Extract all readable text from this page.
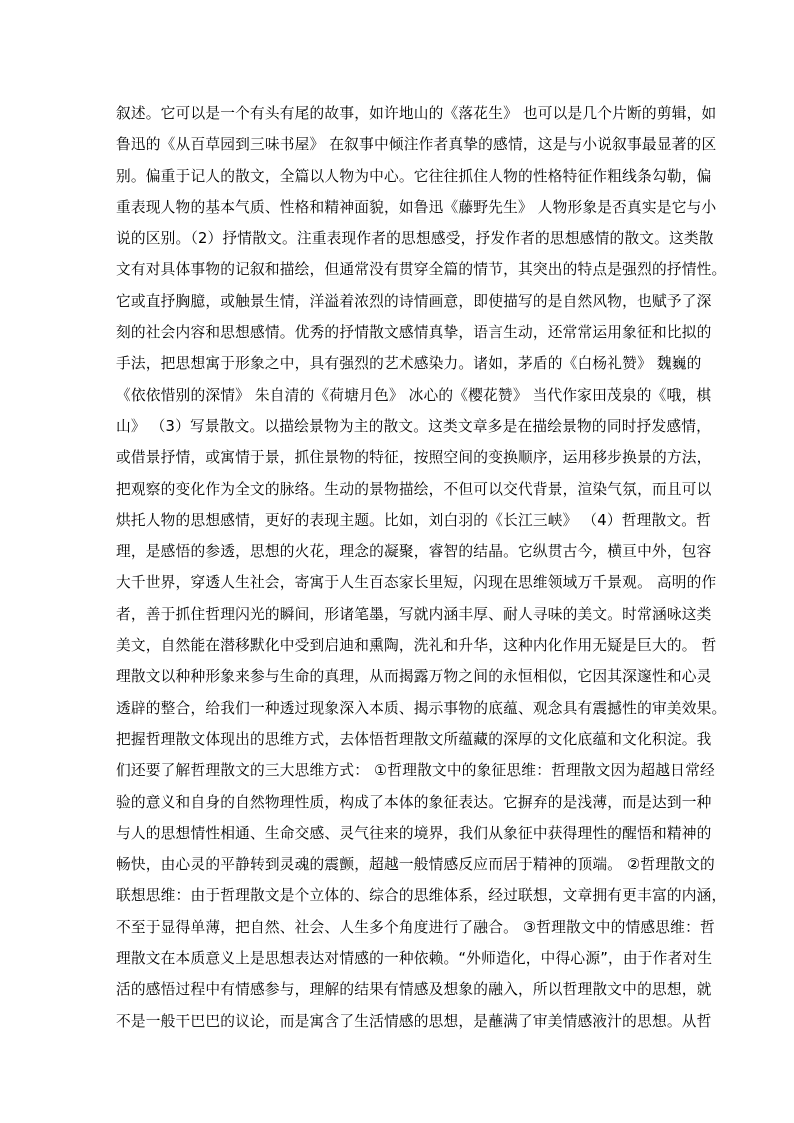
叙述。它可以是一个有头有尾的故事，如许地山的《落花生》 也可以是几个片断的剪辑，如
鲁迅的《从百草园到三味书屋》 在叙事中倾注作者真挚的感情，这是与小说叙事最显著的区
别。偏重于记人的散文，全篇以人物为中心。它往往抓住人物的性格特征作粗线条勾勒，偏
重表现人物的基本气质、性格和精神面貌，如鲁迅《藤野先生》 人物形象是否真实是它与小
说的区别。（2）抒情散文。注重表现作者的思想感受，抒发作者的思想感情的散文。这类散
文有对具体事物的记叙和描绘，但通常没有贯穿全篇的情节，其突出的特点是强烈的抒情性。
它或直抒胸臆，或触景生情，洋溢着浓烈的诗情画意，即使描写的是自然风物，也赋予了深
刻的社会内容和思想感情。优秀的抒情散文感情真挚，语言生动，还常常运用象征和比拟的
手法，把思想寓于形象之中，具有强烈的艺术感染力。诸如，茅盾的《白杨礼赞》 魏巍的
《依依惜别的深情》 朱自清的《荷塘月色》 冰心的《樱花赞》 当代作家田茂泉的《哦，棋
山》 （3）写景散文。以描绘景物为主的散文。这类文章多是在描绘景物的同时抒发感情，
或借景抒情，或寓情于景，抓住景物的特征，按照空间的变换顺序，运用移步换景的方法，
把观察的变化作为全文的脉络。生动的景物描绘，不但可以交代背景，渲染气氛，而且可以
烘托人物的思想感情，更好的表现主题。比如，刘白羽的《长江三峡》 （4）哲理散文。哲
理，是感悟的参透，思想的火花，理念的凝聚，睿智的结晶。它纵贯古今，横亘中外，包容
大千世界，穿透人生社会，寄寓于人生百态家长里短，闪现在思维领域万千景观。 高明的作
者，善于抓住哲理闪光的瞬间，形诸笔墨，写就内涵丰厚、耐人寻味的美文。时常涵咏这类
美文，自然能在潜移默化中受到启迪和熏陶，洗礼和升华，这种内化作用无疑是巨大的。 哲
理散文以种种形象来参与生命的真理，从而揭露万物之间的永恒相似，它因其深邃性和心灵
透辟的整合，给我们一种透过现象深入本质、揭示事物的底蕴、观念具有震撼性的审美效果。
把握哲理散文体现出的思维方式，去体悟哲理散文所蕴藏的深厚的文化底蕴和文化积淀。我
们还要了解哲理散文的三大思维方式： ①哲理散文中的象征思维：哲理散文因为超越日常经
验的意义和自身的自然物理性质，构成了本体的象征表达。它摒弃的是浅薄，而是达到一种
与人的思想情性相通、生命交感、灵气往来的境界，我们从象征中获得理性的醒悟和精神的
畅快，由心灵的平静转到灵魂的震颤，超越一般情感反应而居于精神的顶端。 ②哲理散文的
联想思维：由于哲理散文是个立体的、综合的思维体系，经过联想，文章拥有更丰富的内涵，
不至于显得单薄，把自然、社会、人生多个角度进行了融合。 ③哲理散文中的情感思维：哲
理散文在本质意义上是思想表达对情感的一种依赖。“外师造化，中得心源”，由于作者对生
活的感悟过程中有情感参与，理解的结果有情感及想象的融入，所以哲理散文中的思想，就
不是一般干巴巴的议论，而是寓含了生活情感的思想，是蘸满了审美情感液汁的思想。从哲
